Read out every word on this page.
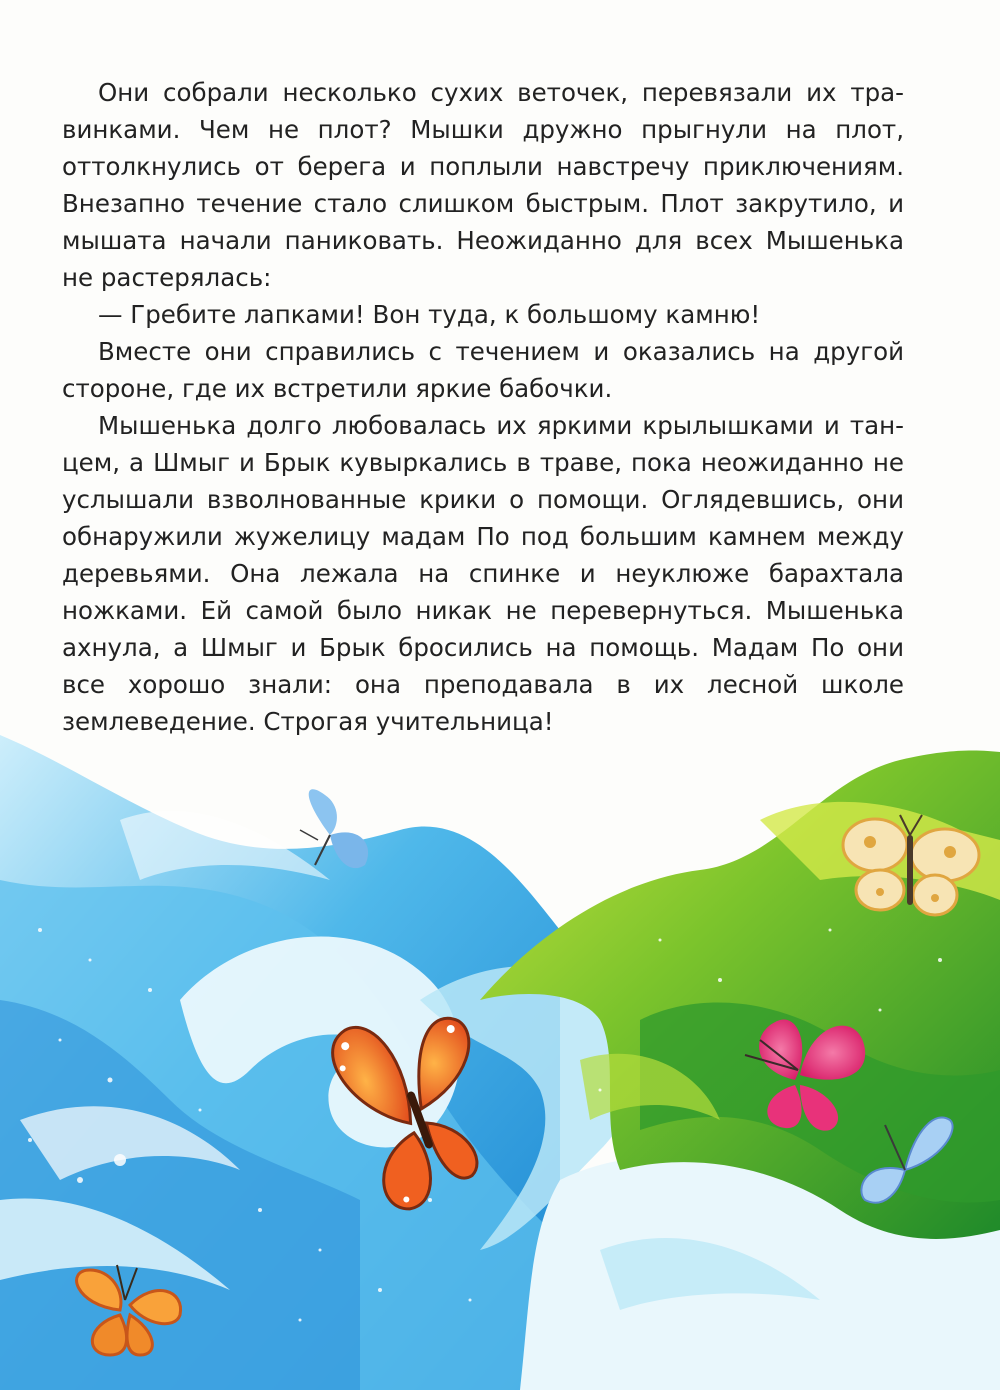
Они собрали несколько сухих веточек, перевязали их травинками. Чем не плот? Мышки дружно прыгнули на плот, оттолкнулись от берега и поплыли навстречу приключениям. Внезапно течение стало слишком быстрым. Плот закрутило, и мышата начали паниковать. Неожиданно для всех Мышенька не растерялась:

— Гребите лапками! Вон туда, к большому камню!

Вместе они справились с течением и оказались на другой стороне, где их встретили яркие бабочки.

Мышенька долго любовалась их яркими крылышками и танцем, а Шмыг и Брык кувыркались в траве, пока неожиданно не услышали взволнованные крики о помощи. Оглядевшись, они обнаружили жужелицу мадам По под большим камнем между деревьями. Она лежала на спинке и неуклюже барахтала ножками. Ей самой было никак не перевернуться. Мышенька ахнула, а Шмыг и Брык бросились на помощь. Мадам По они все хорошо знали: она преподавала в их лесной школе землеведение. Строгая учительница!
